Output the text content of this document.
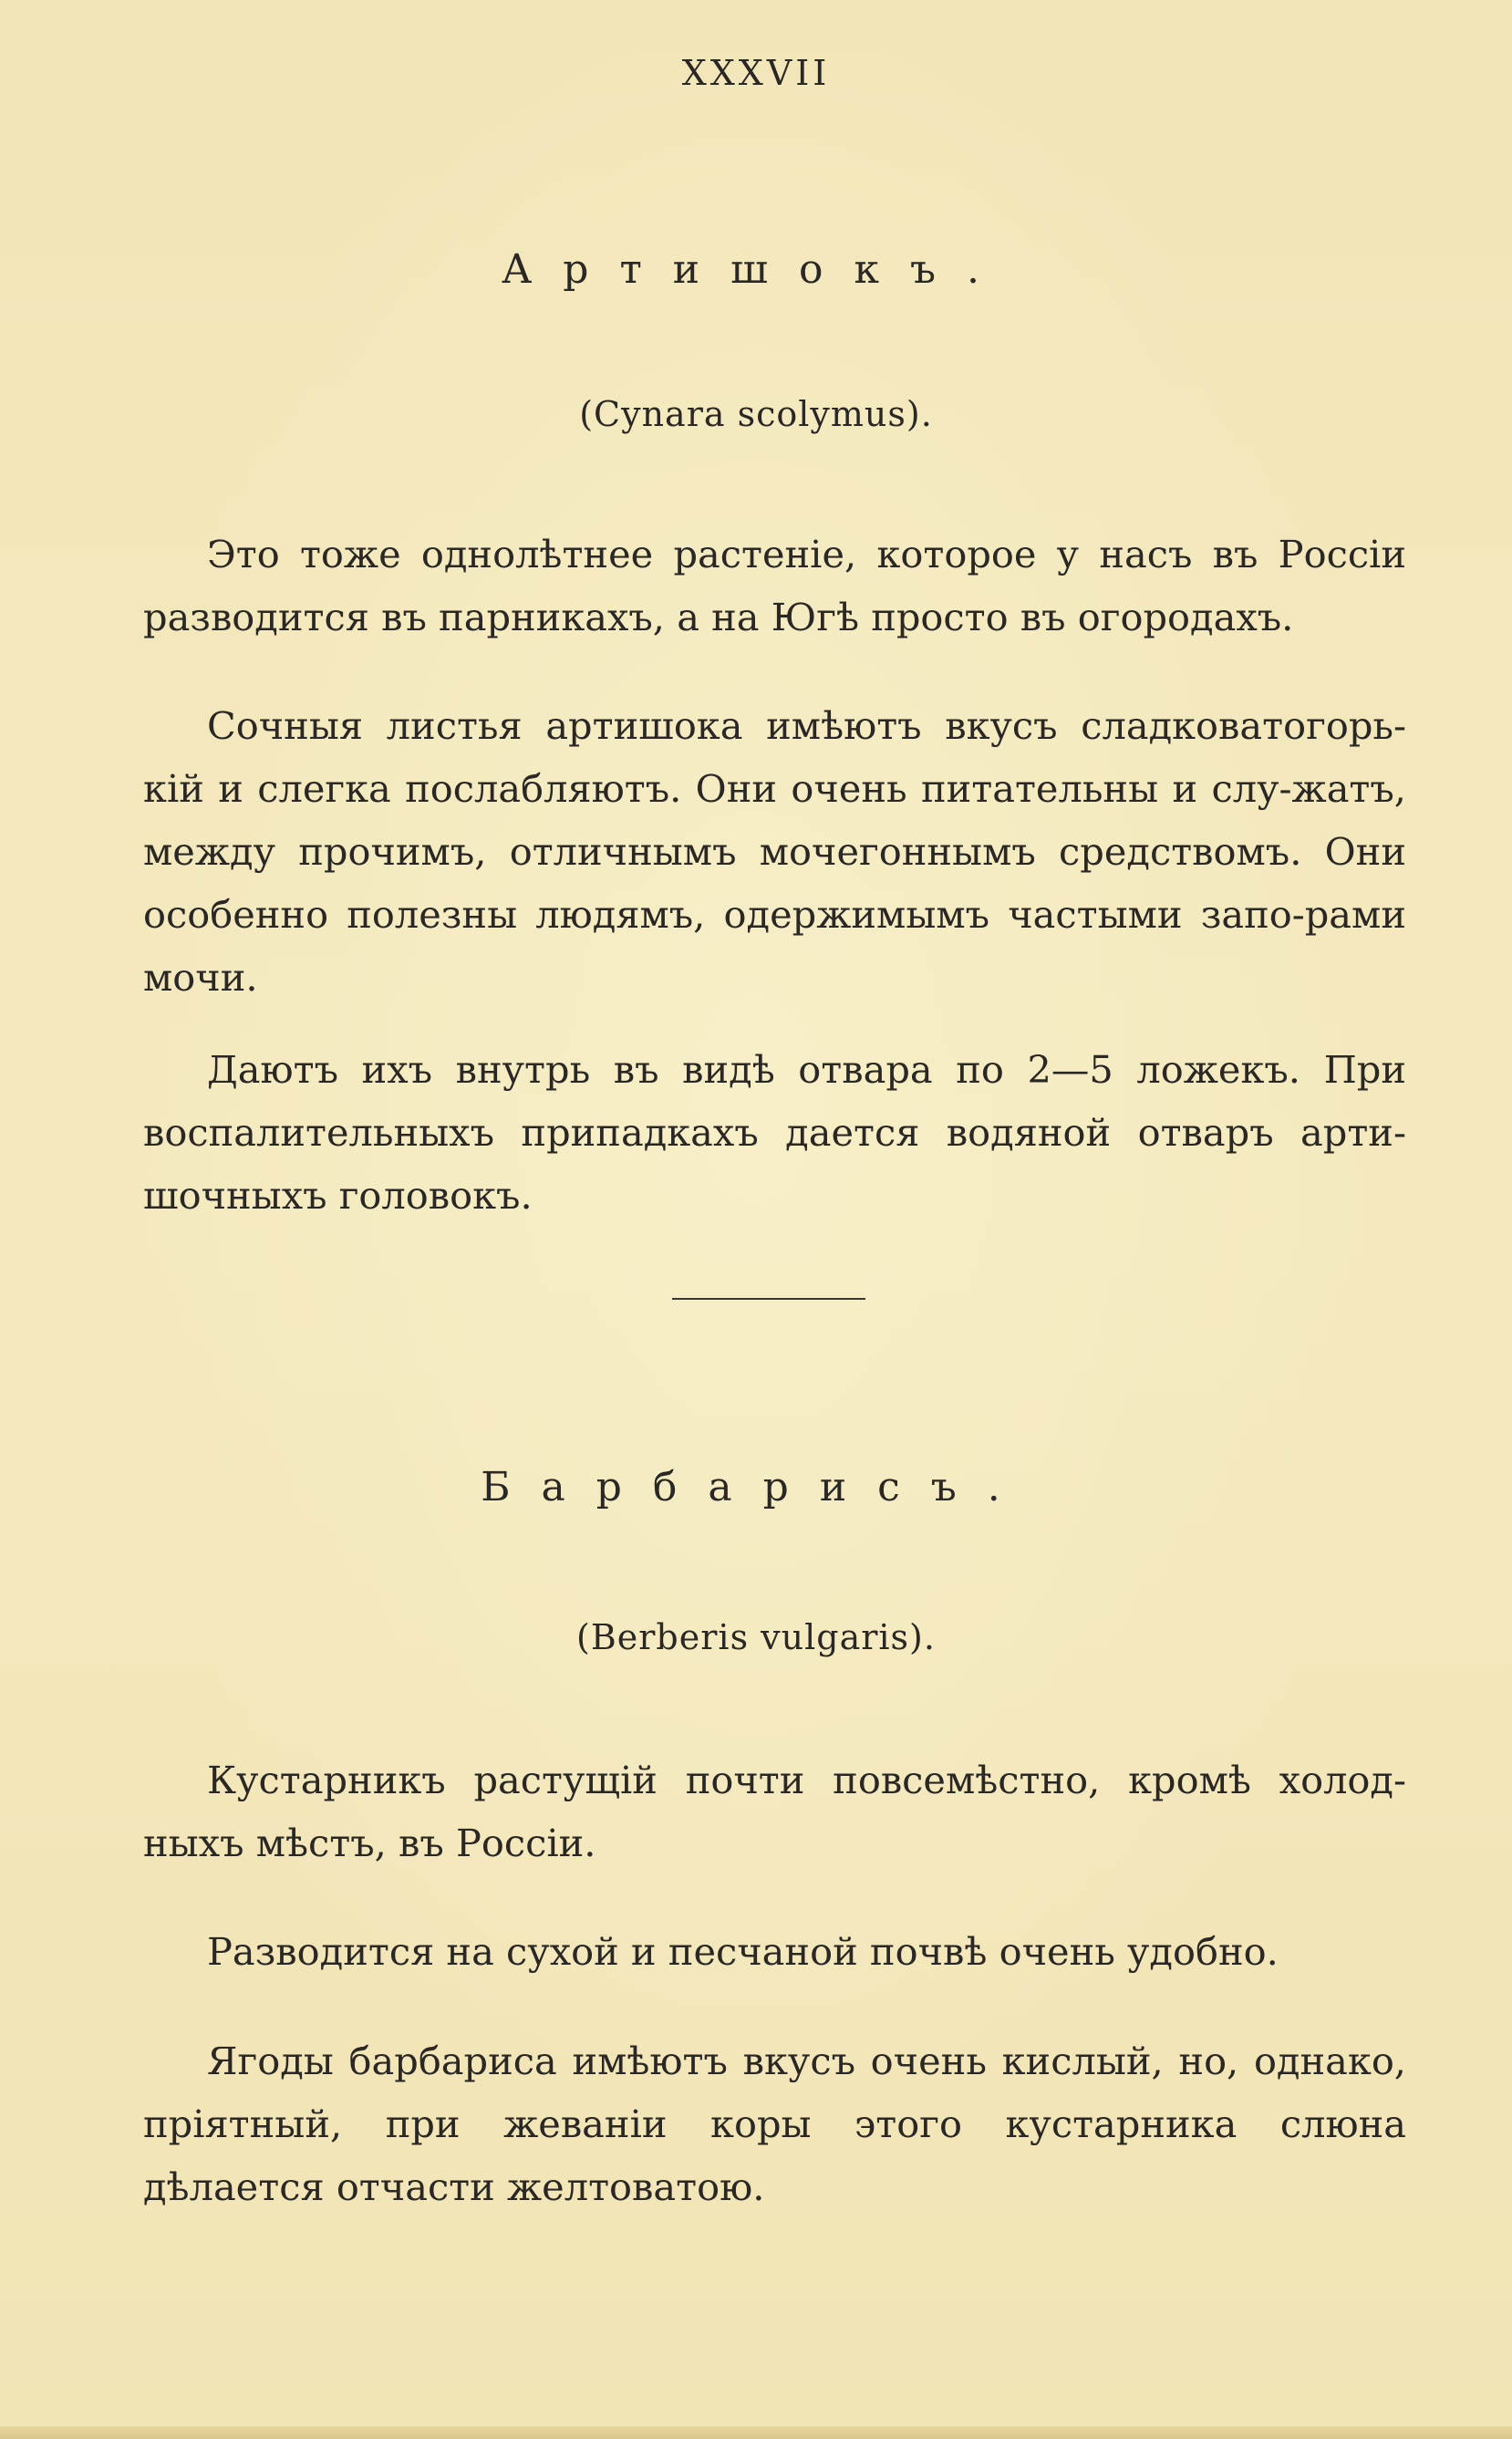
XXXVII
Артишокъ.
(Cynara scolymus).

Это тоже однолѣтнее растеніе, которое у насъ въ Россіи разводится въ парникахъ, а на Югѣ просто въ огородахъ.

Сочныя листья артишока имѣютъ вкусъ сладковатогорь-кій и слегка послабляютъ. Они очень питательны и слу-жатъ, между прочимъ, отличнымъ мочегоннымъ средствомъ. Они особенно полезны людямъ, одержимымъ частыми запо-рами мочи.

Даютъ ихъ внутрь въ видѣ отвара по 2—5 ложекъ. При воспалительныхъ припадкахъ дается водяной отваръ арти-шочныхъ головокъ.

Барбарисъ.
(Berberis vulgaris).

Кустарникъ растущій почти повсемѣстно, кромѣ холод-ныхъ мѣстъ, въ Россіи.

Разводится на сухой и песчаной почвѣ очень удобно.

Ягоды барбариса имѣютъ вкусъ очень кислый, но, однако, пріятный, при жеваніи коры этого кустарника слюна дѣлается отчасти желтоватою.
